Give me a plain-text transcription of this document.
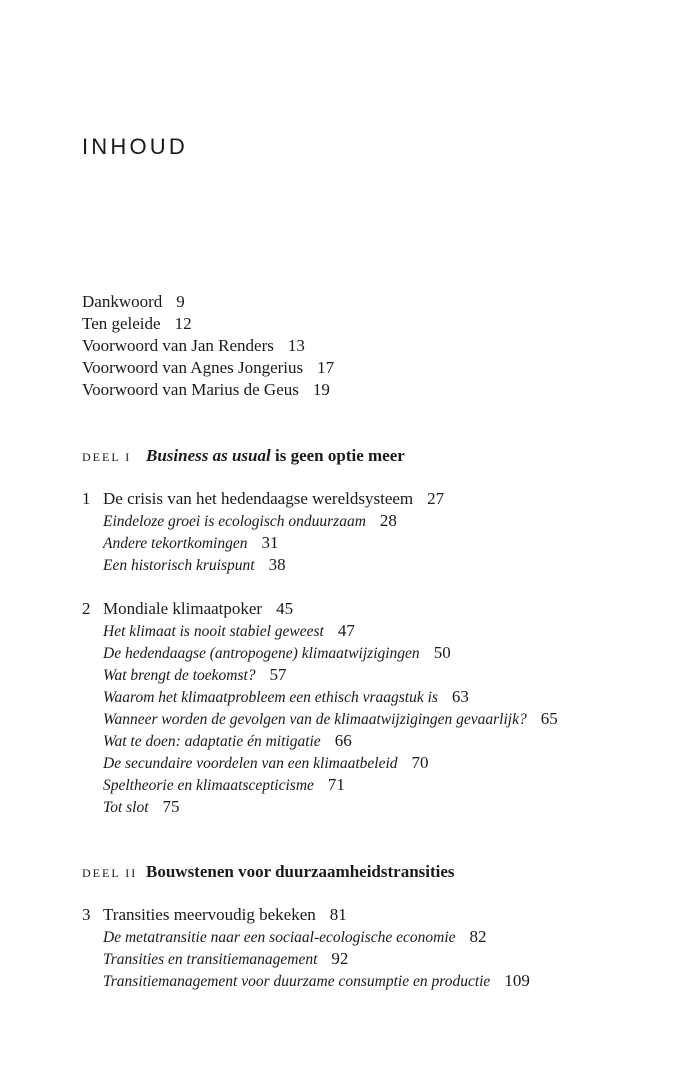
INHOUD
Dankwoord 9
Ten geleide 12
Voorwoord van Jan Renders 13
Voorwoord van Agnes Jongerius 17
Voorwoord van Marius de Geus 19
DEEL I Business as usual is geen optie meer
1 De crisis van het hedendaagse wereldsysteem 27
Eindeloze groei is ecologisch onduurzaam 28
Andere tekortkomingen 31
Een historisch kruispunt 38
2 Mondiale klimaatpoker 45
Het klimaat is nooit stabiel geweest 47
De hedendaagse (antropogene) klimaatwijzigingen 50
Wat brengt de toekomst? 57
Waarom het klimaatprobleem een ethisch vraagstuk is 63
Wanneer worden de gevolgen van de klimaatwijzigingen gevaarlijk? 65
Wat te doen: adaptatie én mitigatie 66
De secundaire voordelen van een klimaatbeleid 70
Speltheorie en klimaatscepticisme 71
Tot slot 75
DEEL II Bouwstenen voor duurzaamheidstransities
3 Transities meervoudig bekeken 81
De metatransitie naar een sociaal-ecologische economie 82
Transities en transitiemanagement 92
Transitiemanagement voor duurzame consumptie en productie 109
